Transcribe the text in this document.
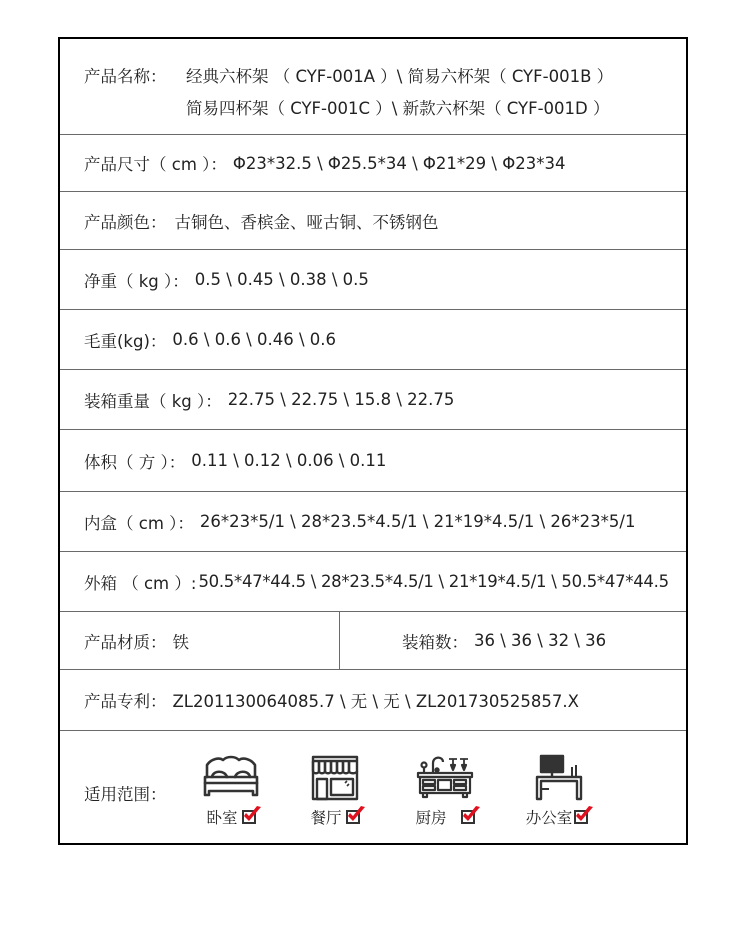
产品名称：	经典六杯架 （ CYF-001A ）\ 简易六杯架（ CYF-001B ）
简易四杯架（ CYF-001C ）\ 新款六杯架（ CYF-001D ）
产品尺寸（ cm ）： Φ23*32.5 \ Φ25.5*34 \ Φ21*29 \ Φ23*34
产品颜色： 古铜色、香槟金、哑古铜、不锈钢色
净重（ kg ）： 0.5 \ 0.45 \ 0.38 \ 0.5
毛重(kg)： 0.6 \ 0.6 \ 0.46 \ 0.6
装箱重量（ kg ）： 22.75 \ 22.75 \ 15.8 \ 22.75
体积（ 方 ）： 0.11 \ 0.12 \ 0.06 \ 0.11
内盒（ cm ）： 26*23*5/1 \ 28*23.5*4.5/1 \ 21*19*4.5/1 \ 26*23*5/1
外箱 （ cm ）: 50.5*47*44.5 \ 28*23.5*4.5/1 \ 21*19*4.5/1 \ 50.5*47*44.5
产品材质： 铁	装箱数： 36 \ 36 \ 32 \ 36
产品专利： ZL201130064085.7 \ 无 \ 无 \ ZL201730525857.X
适用范围：
卧室	餐厅	厨房	办公室
